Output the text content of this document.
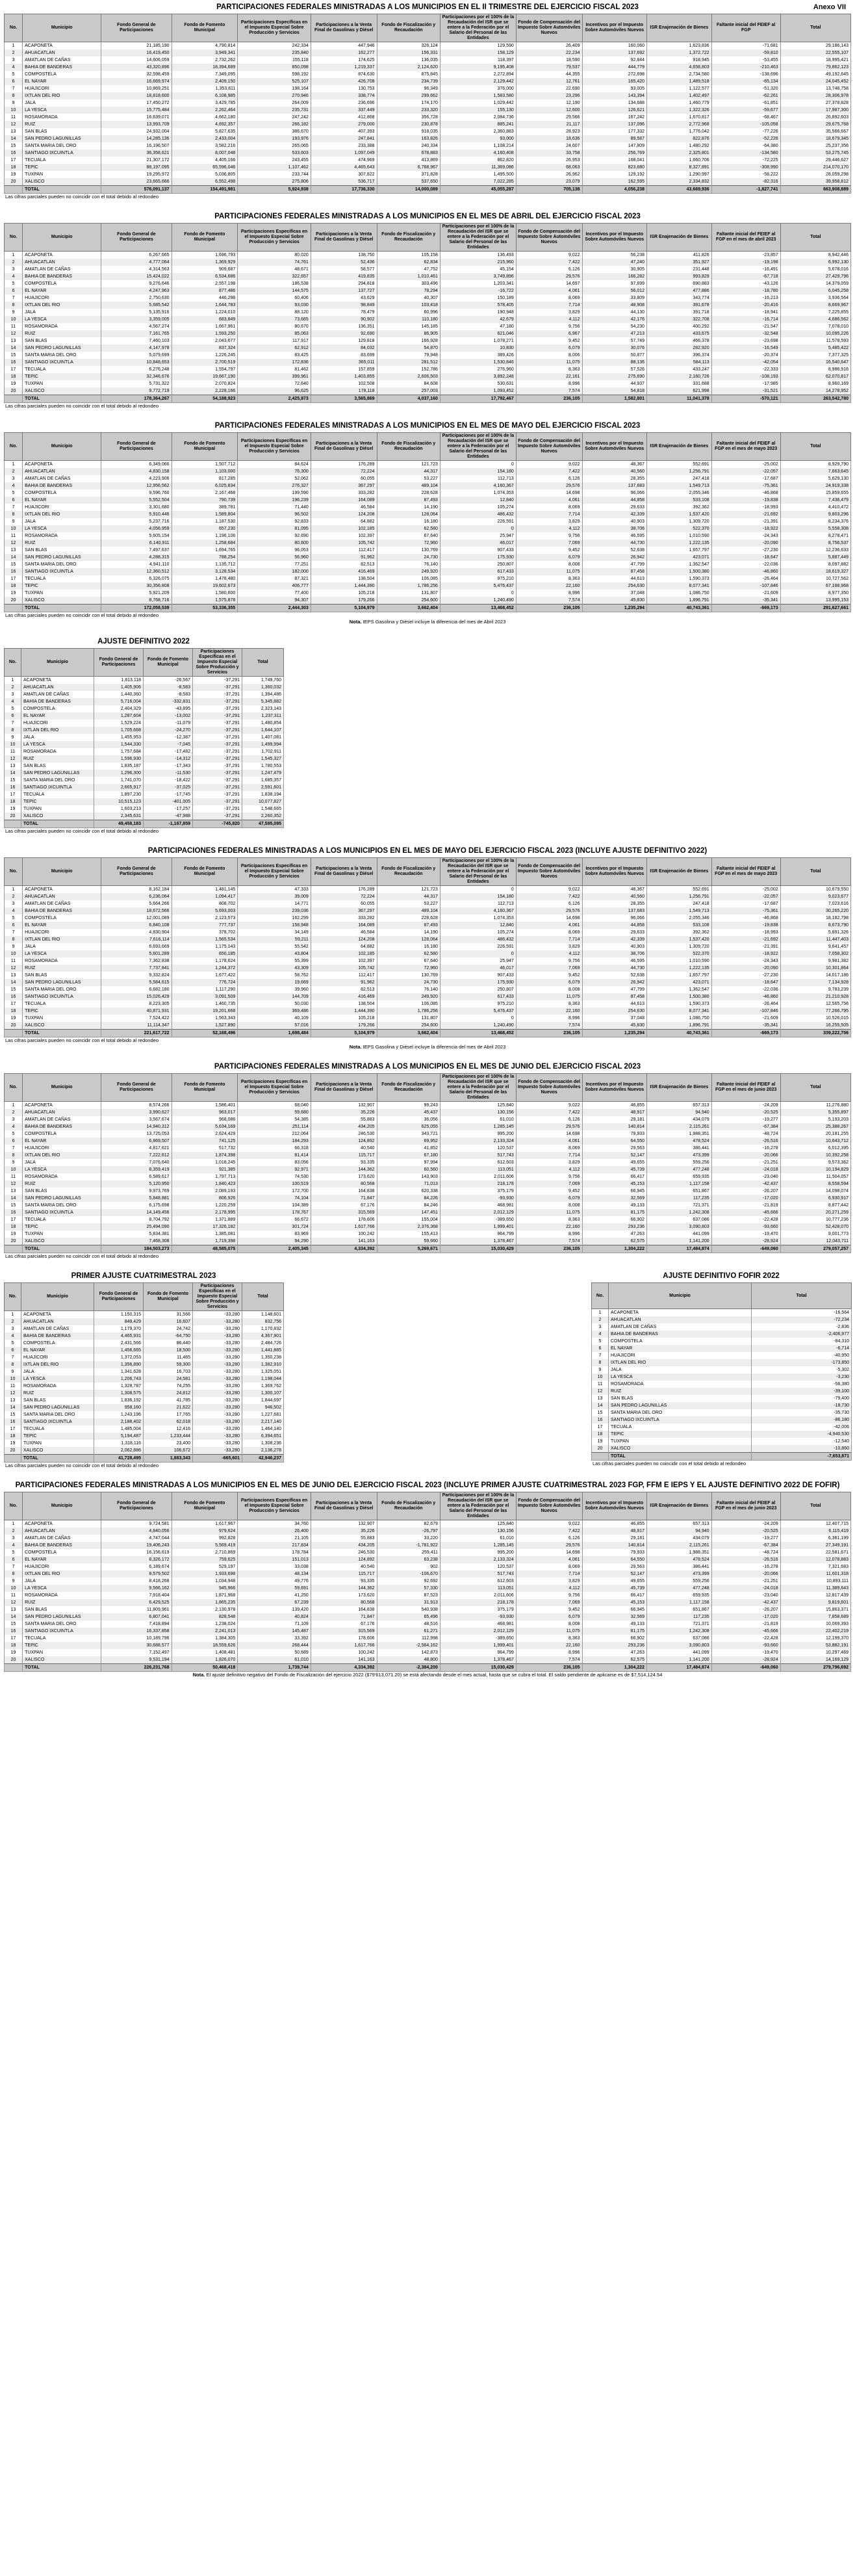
PARTICIPACIONES FEDERALES MINISTRADAS A LOS MUNICIPIOS EN EL II TRIMESTRE DEL EJERCICIO FISCAL 2023	Anexo VII
No.	Municipio	Fondo General de Participaciones	Fondo de Fomento Municipal	Participaciones Específicas en el Impuesto Especial Sobre Producción y Servicios	Participaciones a la Venta Final de Gasolinas y Diésel	Fondo de Fiscalización y Recaudación	Participaciones por el 100% de la Recaudación del ISR que se entere a la Federación por el Salario del Personal de las Entidades	Fondo de Compensación del Impuesto Sobre Automóviles Nuevos	Incentivos por el Impuesto Sobre Automóviles Nuevos	ISR Enajenación de Bienes	Faltante inicial del FEIEF al FGP	Total
1	ACAPONETA	21,185,190	4,790,814	242,334	447,946	326,124	129,590	26,409	160,060	1,623,836	-71,681	29,186,143
2	AHUACATLAN	16,419,450	3,949,341	235,840	162,277	156,331	158,129	22,234	137,692	1,372,722	-59,810	22,555,107
3	AMATLAN DE CAÑAS	14,606,059	2,732,262	155,118	174,625	136,035	118,397	18,590	92,844	918,945	-53,455	18,995,421
4	BAHIA DE BANDERAS	43,320,896	18,394,689	850,098	1,219,337	2,124,620	9,195,408	79,537	444,779	4,658,803	-210,463	79,862,123
5	COMPOSTELA	32,598,459	7,349,095	598,192	874,630	875,845	2,272,894	44,355	272,698	2,734,580	-138,696	49,192,645
6	EL NAYAR	16,669,974	2,409,150	525,107	426,708	234,739	2,129,442	12,761	165,420	1,489,518	-65,134	24,045,452
7	HUAJICORI	10,869,251	1,353,811	198,164	130,753	96,349	376,000	22,690	93,005	1,122,577	-51,320	13,748,758
8	IXTLAN DEL RIO	18,818,600	6,108,985	270,946	338,774	299,662	1,583,580	23,296	143,394	1,402,497	-62,261	28,306,978
9	JALA	17,450,272	3,429,785	264,009	236,696	174,170	1,029,442	12,190	134,688	1,460,779	-61,851	27,378,828
10	LA YESCA	15,775,484	2,262,464	235,731	337,449	233,320	155,130	12,600	126,621	1,322,326	-59,677	17,987,300
11	ROSAMORADA	16,639,071	4,662,180	247,242	412,868	356,728	2,084,736	29,566	167,242	1,670,817	-68,467	26,892,603
12	RUIZ	13,993,709	4,692,357	266,182	279,000	230,878	885,241	21,117	137,096	2,772,968	-105,058	29,675,768
13	SAN BLAS	24,932,004	5,827,635	386,670	407,393	918,035	2,360,883	28,923	177,332	1,776,042	-77,226	35,566,667
14	SAN PEDRO LAGUNILLAS	14,285,136	2,433,004	193,976	247,841	163,826	93,000	18,636	89,587	822,876	-52,226	18,679,345
15	SANTA MARIA DEL ORO	16,196,507	3,582,216	265,065	233,388	240,334	1,108,214	24,607	147,809	1,480,292	-64,380	25,237,356
16	SANTIAGO IXCUINTLA	36,358,621	8,007,048	533,603	1,097,049	678,883	4,160,408	33,758	256,769	2,325,801	-134,580	53,275,745
17	TECUALA	21,307,172	4,405,166	243,455	474,969	413,869	862,820	26,953	168,041	1,660,706	-72,225	29,446,627
18	TEPIC	88,197,095	65,596,046	1,107,462	4,465,643	6,768,967	11,369,086	68,063	823,680	8,327,891	-308,990	214,070,170
19	TUXPAN	19,295,972	5,036,805	233,744	307,822	371,828	1,495,500	26,962	129,192	1,290,997	-58,222	28,059,298
20	XALISCO	23,665,666	6,552,498	275,806	536,717	537,650	7,022,285	23,079	162,595	2,334,832	-82,316	39,958,812
	TOTAL	576,091,137	154,491,981	5,924,938	17,736,330	14,000,089	45,055,287	705,138	4,056,238	43,669,936	-1,827,741	663,908,889
Las cifras parciales pueden no coincidir con el total debido al redondeo
PARTICIPACIONES FEDERALES MINISTRADAS A LOS MUNICIPIOS EN EL MES DE ABRIL DEL EJERCICIO FISCAL 2023
No.	Municipio	Fondo General de Participaciones	Fondo de Fomento Municipal	Participaciones Específicas en el Impuesto Especial Sobre Producción y Servicios	Participaciones a la Venta Final de Gasolinas y Diésel	Fondo de Fiscalización y Recaudación	Participaciones por el 100% de la Recaudación del ISR que se entere a la Federación por el Salario del Personal de las Entidades	Fondo de Compensación del Impuesto Sobre Automóviles Nuevos	Incentivos por el Impuesto Sobre Automóviles Nuevos	ISR Enajenación de Bienes	Faltante inicial del FEIEF al FGP en el mes de abril 2023	Total
1	ACAPONETA	6,267,665	1,696,793	80,020	138,750	105,158	136,493	9,022	56,238	411,826	-23,857	8,942,446
2	AHUACATLAN	4,777,064	1,369,929	74,761	52,436	62,834	215,960	7,422	47,240	351,927	-19,198	6,992,130
3	AMATLAN DE CAÑAS	4,314,563	909,687	48,671	58,577	47,752	45,154	6,126	30,905	231,448	-16,491	5,678,016
4	BAHIA DE BANDERAS	15,424,022	6,534,686	322,657	419,835	1,010,461	3,749,896	29,576	166,282	993,829	-67,718	27,429,796
5	COMPOSTELA	9,276,646	2,557,198	186,538	294,818	303,496	1,203,341	14,697	97,699	690,883	-43,126	14,379,059
6	EL NAYAR	4,247,963	877,486	144,575	137,727	78,294	-16,722	4,061	56,012	477,886	-18,780	6,045,258
7	HUAJICORI	2,750,630	446,298	60,406	43,629	40,307	150,189	8,069	33,809	343,774	-16,213	3,936,564
8	IXTLAN DEL RIO	5,685,542	1,644,783	93,030	98,849	103,418	578,405	7,714	48,908	391,678	-20,416	8,669,967
9	JALA	5,135,916	1,224,010	88,120	78,479	60,996	190,948	3,829	44,130	391,718	-18,941	7,225,855
10	LA YESCA	3,359,005	683,849	73,665	90,902	110,180	42,679	4,112	42,176	322,708	-16,714	4,686,562
11	ROSAMORADA	4,567,274	1,667,961	80,670	136,351	145,185	47,180	9,756	54,230	400,292	-21,547	7,078,010
12	RUIZ	7,161,765	1,593,250	85,063	92,690	86,905	621,046	6,967	47,213	433,675	-32,548	10,095,226
13	SAN BLAS	7,460,103	2,043,677	117,917	129,818	166,928	1,078,271	9,452	57,749	466,378	-23,698	11,578,593
14	SAN PEDRO LAGUNILLAS	4,147,978	837,324	62,912	84,032	54,870	10,830	6,079	30,076	282,920	-16,549	5,485,422
15	SANTA MARIA DEL ORO	5,079,699	1,226,245	83,425	83,699	79,948	389,426	8,006	50,877	396,374	-20,374	7,377,325
16	SANTIAGO IXCUINTLA	10,848,653	2,700,519	172,836	365,011	281,512	1,530,846	11,075	88,136	584,113	-42,054	16,540,647
17	TECUALA	6,276,248	1,554,797	81,462	157,859	152,786	276,960	8,363	57,526	433,247	-22,333	8,986,916
18	TEPIC	32,346,676	19,667,190	399,961	1,403,855	2,606,503	3,892,248	22,161	275,690	2,160,726	-108,193	62,070,817
19	TUXPAN	5,731,322	2,070,824	72,640	102,508	84,608	530,631	8,996	44,937	331,688	-17,985	8,960,169
20	XALISCO	9,772,719	2,228,166	96,625	178,118	257,003	1,093,452	7,574	54,818	621,998	-31,521	14,278,952
	TOTAL	178,364,267	54,188,923	2,425,973	3,565,869	4,037,160	17,792,467	236,105	1,582,801	11,041,378	-570,121	263,542,780
Las cifras parciales pueden no coincidir con el total debido al redondeo
PARTICIPACIONES FEDERALES MINISTRADAS A LOS MUNICIPIOS EN EL MES DE MAYO DEL EJERCICIO FISCAL 2023
No.	Municipio	Fondo General de Participaciones	Fondo de Fomento Municipal	Participaciones Específicas en el Impuesto Especial Sobre Producción y Servicios	Participaciones a la Venta Final de Gasolinas y Diésel	Fondo de Fiscalización y Recaudación	Participaciones por el 100% de la Recaudación del ISR que se entere a la Federación por el Salario del Personal de las Entidades	Fondo de Compensación del Impuesto Sobre Automóviles Nuevos	Incentivos por el Impuesto Sobre Automóviles Nuevos	ISR Enajenación de Bienes	Faltante inicial del FEIEF al FGP en el mes de mayo 2023	Total
1	ACAPONETA	6,349,066	1,507,712	84,624	176,289	121,723	0	9,022	48,367	552,691	-25,002	8,929,790
2	AHUACATLAN	4,830,158	1,103,000	76,300	72,224	44,317	154,180	7,422	40,560	1,256,791	-22,057	7,663,645
3	AMATLAN DE CAÑAS	4,223,906	817,285	52,062	60,055	53,227	112,713	6,126	28,355	247,418	-17,687	5,629,130
4	BAHIA DE BANDERAS	12,956,562	6,025,834	276,327	367,297	489,104	4,160,367	29,576	137,683	1,549,713	-75,361	24,919,338
5	COMPOSTELA	9,596,760	2,167,468	199,590	333,282	228,628	1,074,353	14,698	96,066	2,055,346	-46,868	15,859,655
6	EL NAYAR	5,552,504	790,739	196,239	164,089	87,493	12,840	4,061	44,858	533,108	-19,838	7,436,479
7	HUAJICORI	3,301,680	389,781	71,440	46,584	14,190	105,274	8,069	29,633	392,362	-18,993	4,410,472
8	IXTLAN DEL RIO	5,910,446	1,589,804	96,502	124,208	128,064	486,432	7,714	42,339	1,537,420	-21,692	9,803,296
9	JALA	5,237,716	1,187,530	92,833	64,882	16,180	226,591	3,829	40,903	1,309,720	-21,391	8,234,376
10	LA YESCA	4,056,959	657,230	81,095	102,185	62,580	0	4,112	38,706	522,370	-18,922	5,558,308
11	ROSAMORADA	5,605,154	1,196,106	92,690	102,397	67,640	25,947	9,756	46,595	1,010,590	-24,343	8,278,471
12	RUIZ	6,140,911	1,258,684	80,600	105,742	72,960	46,017	7,069	44,730	1,222,135	-20,090	8,756,537
13	SAN BLAS	7,497,637	1,694,765	96,053	112,417	130,769	907,433	9,452	52,638	1,657,797	-27,230	12,236,633
14	SAN PEDRO LAGUNILLAS	4,288,315	788,254	56,960	91,962	24,730	175,930	6,079	26,942	423,071	-18,647	5,887,449
15	SANTA MARIA DEL ORO	4,941,110	1,135,712	77,251	82,513	76,140	250,807	8,008	47,799	1,362,547	-22,036	8,097,882
16	SANTIAGO IXCUINTLA	12,360,512	3,128,534	182,000	416,469	249,920	617,433	11,075	87,458	1,500,380	-46,860	18,619,327
17	TECUALA	6,326,075	1,478,480	87,321	138,504	106,085	975,210	8,363	44,613	1,590,373	-26,464	10,727,562
18	TEPIC	30,356,808	19,602,673	406,777	1,444,390	1,786,256	5,476,437	22,160	254,630	8,077,341	-107,846	67,188,968
19	TUXPAN	5,921,209	1,580,600	77,400	105,218	131,807	0	8,996	37,048	1,086,750	-21,609	8,977,350
20	XALISCO	8,768,716	1,575,878	94,307	179,266	254,600	1,240,490	7,574	45,830	1,896,791	-35,341	13,995,153
	TOTAL	172,058,539	53,336,355	2,444,303	5,104,979	3,662,404	13,468,452	236,105	1,235,294	40,743,361	-669,173	291,627,661
Las cifras parciales pueden no coincidir con el total debido al redondeo
Nota. IEPS Gasolina y Diésel incluye la diferencia del mes de Abril 2023
AJUSTE DEFINITIVO 2022
No.	Municipio	Fondo General de Participaciones	Fondo de Fomento Municipal	Participaciones Específicas en el Impuesto Especial Sobre Producción y Servicios	Total
1	ACAPONETA	1,813,118	-26,567	-37,291	1,749,760
2	AHUACATLAN	1,405,906	-8,583	-37,291	1,360,032
3	AMATLAN DE CAÑAS	1,440,360	-8,583	-37,291	1,394,486
4	BAHIA DE BANDERAS	5,716,004	-332,831	-37,291	5,345,882
5	COMPOSTELA	2,404,329	-43,895	-37,291	2,323,143
6	EL NAYAR	1,287,604	-13,002	-37,291	1,237,311
7	HUAJICORI	1,529,224	-11,079	-37,291	1,480,854
8	IXTLAN DEL RIO	1,705,668	-24,270	-37,291	1,644,107
9	JALA	1,455,953	-12,387	-37,291	1,407,081
10	LA YESCA	1,544,330	-7,045	-37,291	1,499,994
11	ROSAMORADA	1,757,684	-17,482	-37,291	1,702,911
12	RUIZ	1,596,930	-14,312	-37,291	1,545,327
13	SAN BLAS	1,835,187	-17,343	-37,291	1,780,553
14	SAN PEDRO LAGUNILLAS	1,296,300	-11,530	-37,291	1,247,479
15	SANTA MARIA DEL ORO	1,741,070	-18,422	-37,291	1,685,357
16	SANTIAGO IXCUINTLA	2,665,917	-37,025	-37,291	2,591,601
17	TECUALA	1,897,230	-17,745	-37,291	1,838,194
18	TEPIC	10,515,123	-401,005	-37,291	10,077,827
19	TUXPAN	1,603,213	-17,257	-37,291	1,548,665
20	XALISCO	2,345,631	-47,988	-37,291	2,260,352
	TOTAL	49,458,183	-1,167,859	-745,820	47,595,095
Las cifras parciales pueden no coincidir con el total debido al redondeo
PARTICIPACIONES FEDERALES MINISTRADAS A LOS MUNICIPIOS EN EL MES DE MAYO DEL EJERCICIO FISCAL 2023 (INCLUYE AJUSTE DEFINITIVO 2022)
No.	Municipio	Fondo General de Participaciones	Fondo de Fomento Municipal	Participaciones Específicas en el Impuesto Especial Sobre Producción y Servicios	Participaciones a la Venta Final de Gasolinas y Diésel	Fondo de Fiscalización y Recaudación	Participaciones por el 100% de la Recaudación del ISR que se entere a la Federación por el Salario del Personal de las Entidades	Fondo de Compensación del Impuesto Sobre Automóviles Nuevos	Incentivos por el Impuesto Sobre Automóviles Nuevos	ISR Enajenación de Bienes	Faltante inicial del FEIEF al FGP en el mes de mayo 2023	Total
1	ACAPONETA	8,162,184	1,481,145	47,333	176,289	121,723	0	9,022	48,367	552,691	-25,002	10,679,550
2	AHUACATLAN	6,236,064	1,094,417	39,009	72,224	44,317	154,180	7,422	40,560	1,256,791	-22,057	9,023,677
3	AMATLAN DE CAÑAS	5,664,266	808,702	14,771	60,055	53,227	112,713	6,126	28,355	247,418	-17,687	7,023,616
4	BAHIA DE BANDERAS	18,672,566	5,693,003	239,036	367,297	489,104	4,160,367	29,576	137,683	1,549,713	-75,361	30,265,220
5	COMPOSTELA	12,001,089	2,123,573	162,299	333,282	228,628	1,074,353	14,698	96,066	2,055,346	-46,868	18,182,798
6	EL NAYAR	6,840,108	777,737	158,948	164,089	87,493	12,840	4,061	44,858	533,108	-19,838	8,673,790
7	HUAJICORI	4,830,904	378,702	34,149	46,584	14,190	105,274	8,069	29,633	392,362	-18,993	5,891,326
8	IXTLAN DEL RIO	7,616,114	1,565,534	59,211	124,208	128,064	486,432	7,714	42,339	1,537,420	-21,692	11,447,403
9	JALA	6,693,669	1,175,143	55,542	64,882	16,180	226,591	3,829	40,903	1,309,720	-21,391	9,641,457
10	LA YESCA	5,601,289	650,185	43,804	102,185	62,580	0	4,112	38,706	522,370	-18,922	7,058,302
11	ROSAMORADA	7,362,838	1,178,624	55,399	102,397	67,640	25,947	9,756	46,595	1,010,590	-24,343	9,981,382
12	RUIZ	7,737,841	1,244,372	43,309	105,742	72,960	46,017	7,069	44,730	1,222,135	-20,090	10,301,864
13	SAN BLAS	9,332,824	1,677,422	58,762	112,417	130,769	907,433	9,452	52,638	1,657,797	-27,230	14,017,186
14	SAN PEDRO LAGUNILLAS	5,584,615	776,724	19,669	91,962	24,730	175,930	6,079	26,942	423,071	-18,647	7,134,928
15	SANTA MARIA DEL ORO	6,682,180	1,117,290	39,960	82,513	76,140	250,807	8,008	47,799	1,362,547	-22,036	9,783,239
16	SANTIAGO IXCUINTLA	15,026,429	3,091,509	144,709	416,469	249,920	617,433	11,075	87,458	1,500,380	-46,860	21,210,928
17	TECUALA	8,223,305	1,460,735	50,030	138,504	106,085	975,210	8,363	44,613	1,590,373	-26,464	12,565,756
18	TEPIC	40,871,931	19,201,668	369,486	1,444,390	1,786,256	5,476,437	22,160	254,630	8,077,341	-107,846	77,266,795
19	TUXPAN	7,524,422	1,563,343	40,109	105,218	131,807	0	8,996	37,048	1,086,750	-21,609	10,526,015
20	XALISCO	11,114,347	1,527,890	57,016	179,266	254,600	1,240,490	7,574	45,830	1,896,791	-35,341	16,255,505
	TOTAL	221,617,722	52,168,496	1,698,484	5,104,979	3,662,404	13,468,452	236,105	1,235,294	40,743,361	-669,173	339,222,756
Las cifras parciales pueden no coincidir con el total debido al redondeo
Nota. IEPS Gasolina y Diésel incluye la diferencia del mes de Abril 2023
PARTICIPACIONES FEDERALES MINISTRADAS A LOS MUNICIPIOS EN EL MES DE JUNIO DEL EJERCICIO FISCAL 2023
No.	Municipio	Fondo General de Participaciones	Fondo de Fomento Municipal	Participaciones Específicas en el Impuesto Especial Sobre Producción y Servicios	Participaciones a la Venta Final de Gasolinas y Diésel	Fondo de Fiscalización y Recaudación	Participaciones por el 100% de la Recaudación del ISR que se entere a la Federación por el Salario del Personal de las Entidades	Fondo de Compensación del Impuesto Sobre Automóviles Nuevos	Incentivos por el Impuesto Sobre Automóviles Nuevos	ISR Enajenación de Bienes	Faltante inicial del FEIEF al FGP en el mes de junio 2023	Total
1	ACAPONETA	8,574,266	1,586,401	68,040	132,907	99,243	125,840	9,022	46,855	657,313	-24,209	11,276,880
2	AHUACATLAN	3,990,627	963,017	59,680	35,226	45,437	130,156	7,422	48,917	94,940	-20,525	5,355,897
3	AMATLAN DE CAÑAS	3,567,674	968,086	54,385	55,883	36,056	61,010	6,126	29,181	434,079	-19,277	5,193,203
4	BAHIA DE BANDERAS	14,940,312	5,634,169	251,114	434,205	625,055	1,285,145	29,576	140,814	2,115,261	-67,384	25,388,267
5	COMPOSTELA	13,725,053	2,624,429	212,064	246,530	343,721	995,200	14,698	79,933	1,988,351	-48,724	20,181,255
6	EL NAYAR	6,869,507	741,125	184,293	124,892	69,952	2,133,324	4,061	64,550	478,524	-26,516	10,643,712
7	HUAJICORI	4,817,621	517,732	66,318	40,540	41,852	120,537	8,069	29,563	386,441	-16,278	6,012,395
8	IXTLAN DEL RIO	7,222,612	1,874,398	81,414	115,717	67,180	517,743	7,714	52,147	473,399	-20,066	10,392,258
9	JALA	7,076,640	1,018,245	83,056	93,335	97,994	612,603	3,829	49,655	559,256	-21,251	9,573,362
10	LA YESCA	8,359,419	921,385	92,971	144,362	60,560	113,051	4,112	45,739	477,248	-24,018	10,194,829
11	ROSAMORADA	6,589,617	1,797,713	74,530	173,620	143,903	2,011,606	9,756	66,417	659,935	-23,040	11,504,057
12	RUIZ	5,120,950	1,840,423	100,519	80,568	71,013	218,178	7,069	45,153	1,117,158	-42,437	8,558,594
13	SAN BLAS	9,973,769	2,089,193	172,700	164,838	620,338	375,179	9,452	66,945	651,867	-26,207	14,098,074
14	SAN PEDRO LAGUNILLAS	5,848,881	806,926	74,104	71,847	84,226	-93,930	6,079	32,569	117,235	-17,020	6,930,917
15	SANTA MARIA DEL ORO	6,175,698	1,220,259	104,389	67,176	84,246	468,981	8,008	49,133	721,371	-21,819	8,877,442
16	SANTIAGO IXCUINTLA	14,149,456	2,178,995	178,767	315,569	147,451	2,012,129	11,075	81,175	1,242,308	-45,666	20,271,259
17	TECUALA	8,704,792	1,371,889	66,672	178,606	155,004	-389,650	8,363	66,902	637,086	-22,428	10,777,236
18	TEPIC	25,494,090	17,326,182	301,724	1,617,766	2,376,368	1,999,401	22,160	293,236	3,090,803	-93,660	52,428,070
19	TUXPAN	5,834,381	1,385,081	83,969	100,242	155,413	964,799	8,996	47,263	441,099	-19,470	9,001,773
20	XALISCO	7,468,308	1,719,398	94,290	141,163	59,660	1,378,467	7,574	62,575	1,141,200	-28,924	12,043,711
	TOTAL	184,503,273	48,585,075	2,405,345	4,334,392	5,269,671	15,030,429	236,105	1,304,222	17,484,874	-649,060	279,057,257
Las cifras parciales pueden no coincidir con el total debido al redondeo
PRIMER AJUSTE CUATRIMESTRAL 2023
No.	Municipio	Fondo General de Participaciones	Fondo de Fomento Municipal	Participaciones Específicas en el Impuesto Especial Sobre Producción y Servicios	Total
1	ACAPONETA	1,150,315	31,566	-33,280	1,148,601
2	AHUACATLAN	849,429	16,607	-33,280	832,756
3	AMATLAN DE CAÑAS	1,179,370	24,742	-33,280	1,170,832
4	BAHIA DE BANDERAS	4,465,931	-64,750	-33,280	4,367,901
5	COMPOSTELA	2,431,566	86,440	-33,280	2,484,726
6	EL NAYAR	1,456,665	18,500	-33,280	1,441,885
7	HUAJICORI	1,372,053	11,465	-33,280	1,350,238
8	IXTLAN DEL RIO	1,356,890	59,300	-33,280	1,382,910
9	JALA	1,341,628	16,703	-33,280	1,325,051
10	LA YESCA	1,206,743	24,581	-33,280	1,198,044
11	ROSAMORADA	1,328,787	74,255	-33,280	1,369,762
12	RUIZ	1,308,575	24,812	-33,280	1,300,107
13	SAN BLAS	1,836,192	41,785	-33,280	1,844,697
14	SAN PEDRO LAGUNILLAS	958,160	21,622	-33,280	946,502
15	SANTA MARIA DEL ORO	1,243,196	17,765	-33,280	1,227,681
16	SANTIAGO IXCUINTLA	2,188,402	62,018	-33,280	2,217,140
17	TECUALA	1,485,004	12,416	-33,280	1,464,140
18	TEPIC	5,194,487	1,233,444	-33,280	6,394,651
19	TUXPAN	1,318,116	23,400	-33,280	1,308,236
20	XALISCO	2,062,886	106,672	-33,280	2,136,278
	TOTAL	41,728,495	1,883,343	-665,601	42,946,237
Las cifras parciales pueden no coincidir con el total debido al redondeo
AJUSTE DEFINITIVO FOFIR 2022
No.	Municipio	Total
1	ACAPONETA	-16,564
2	AHUACATLAN	-72,234
3	AMATLAN DE CAÑAS	-2,836
4	BAHIA DE BANDERAS	-2,406,977
5	COMPOSTELA	-84,310
6	EL NAYAR	-6,714
7	HUAJICORI	-40,950
8	IXTLAN DEL RIO	-173,850
9	JALA	-5,302
10	LA YESCA	-3,230
11	ROSAMORADA	-56,380
12	RUIZ	-39,100
13	SAN BLAS	-79,400
14	SAN PEDRO LAGUNILLAS	-18,730
15	SANTA MARIA DEL ORO	-35,730
16	SANTIAGO IXCUINTLA	-86,180
17	TECUALA	-42,006
18	TEPIC	-4,940,530
19	TUXPAN	-12,540
20	XALISCO	-10,860
	TOTAL	-7,653,871
Las cifras parciales pueden no coincidir con el total debido al redondeo
PARTICIPACIONES FEDERALES MINISTRADAS A LOS MUNICIPIOS EN EL MES DE JUNIO DEL EJERCICIO FISCAL 2023 (INCLUYE PRIMER AJUSTE CUATRIMESTRAL 2023 FGP, FFM E IEPS Y EL AJUSTE DEFINITIVO 2022 DE FOFIR)
No.	Municipio	Fondo General de Participaciones	Fondo de Fomento Municipal	Participaciones Específicas en el Impuesto Especial Sobre Producción y Servicios	Participaciones a la Venta Final de Gasolinas y Diésel	Fondo de Fiscalización y Recaudación	Participaciones por el 100% de la Recaudación del ISR que se entere a la Federación por el Salario del Personal de las Entidades	Fondo de Compensación del Impuesto Sobre Automóviles Nuevos	Incentivos por el Impuesto Sobre Automóviles Nuevos	ISR Enajenación de Bienes	Faltante inicial del FEIEF al FGP en el mes de junio 2023	Total
1	ACAPONETA	9,724,581	1,617,967	34,760	132,907	82,679	125,840	9,022	46,855	657,313	-24,209	12,407,715
2	AHUACATLAN	4,840,056	979,624	26,400	35,226	-26,797	130,156	7,422	48,917	94,940	-20,525	6,115,419
3	AMATLAN DE CAÑAS	4,747,044	992,828	21,105	55,883	33,220	61,010	6,126	29,181	434,079	-19,277	6,361,199
4	BAHIA DE BANDERAS	19,406,243	5,569,419	217,834	434,205	-1,781,922	1,285,145	29,576	140,814	2,115,261	-67,384	27,349,191
5	COMPOSTELA	16,156,619	2,710,869	178,784	246,530	259,411	995,200	14,698	79,933	1,988,351	-48,724	22,581,671
6	EL NAYAR	8,326,172	759,625	151,013	124,892	63,238	2,133,324	4,061	64,550	478,524	-26,516	12,078,883
7	HUAJICORI	6,189,674	529,197	33,038	40,540	902	120,537	8,069	29,563	386,441	-16,278	7,321,683
8	IXTLAN DEL RIO	8,579,502	1,933,698	48,134	115,717	-106,670	517,743	7,714	52,147	473,399	-20,066	11,601,318
9	JALA	8,418,268	1,034,948	49,776	93,335	92,692	612,603	3,829	49,655	559,256	-21,251	10,893,111
10	LA YESCA	9,566,162	945,966	59,691	144,362	57,330	113,051	4,112	45,739	477,248	-24,018	11,389,643
11	ROSAMORADA	7,918,404	1,871,968	41,250	173,620	87,523	2,011,606	9,756	66,417	659,935	-23,040	12,817,439
12	RUIZ	6,429,525	1,865,235	67,239	80,568	31,913	218,178	7,069	45,153	1,117,158	-42,437	9,819,601
13	SAN BLAS	11,809,961	2,130,978	139,420	164,838	540,938	375,179	9,452	66,945	651,867	-26,207	15,863,371
14	SAN PEDRO LAGUNILLAS	6,807,041	828,548	40,824	71,847	65,496	-93,930	6,079	32,569	117,235	-17,020	7,858,689
15	SANTA MARIA DEL ORO	7,418,894	1,238,024	71,109	67,176	48,516	468,981	8,008	49,133	721,371	-21,819	10,069,393
16	SANTIAGO IXCUINTLA	16,337,858	2,241,013	145,487	315,569	61,271	2,012,129	11,075	81,175	1,242,308	-45,666	22,402,219
17	TECUALA	10,189,796	1,384,305	33,392	178,606	112,998	-389,650	8,363	66,902	637,086	-22,428	12,199,370
18	TEPIC	30,688,577	18,559,626	268,444	1,617,766	-2,564,162	1,999,401	22,160	293,236	3,090,803	-93,660	53,882,191
19	TUXPAN	7,152,497	1,408,481	50,689	100,242	142,873	964,799	8,996	47,263	441,099	-19,470	10,297,469
20	XALISCO	9,531,194	1,826,070	61,010	141,163	48,800	1,378,467	7,574	62,575	1,141,200	-28,924	14,169,129
	TOTAL	226,231,768	50,468,418	1,739,744	4,334,392	-2,384,200	15,030,429	236,105	1,304,222	17,484,874	-649,060	279,796,692
Nota. El ajuste definitivo negativo del Fondo de Fiscalización del ejercicio 2022 ($79'613,071.20) se está afectando desde el mes actual, hasta que se cubra el total. El saldo pendiente de aplicarse es de $7,514,124.54
